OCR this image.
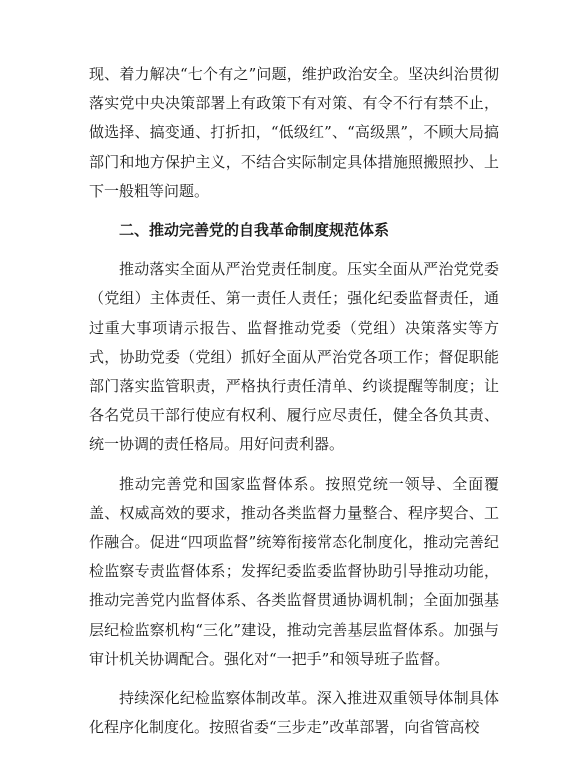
现、着力解决“七个有之”问题，维护政治安全。坚决纠治贯彻落实党中央决策部署上有政策下有对策、有令不行有禁不止，做选择、搞变通、打折扣，“低级红”、“高级黑”，不顾大局搞部门和地方保护主义，不结合实际制定具体措施照搬照抄、上下一般粗等问题。

二、推动完善党的自我革命制度规范体系

推动落实全面从严治党责任制度。压实全面从严治党党委（党组）主体责任、第一责任人责任；强化纪委监督责任，通过重大事项请示报告、监督推动党委（党组）决策落实等方式，协助党委（党组）抓好全面从严治党各项工作；督促职能部门落实监管职责，严格执行责任清单、约谈提醒等制度；让各名党员干部行使应有权利、履行应尽责任，健全各负其责、统一协调的责任格局。用好问责利器。

推动完善党和国家监督体系。按照党统一领导、全面覆盖、权威高效的要求，推动各类监督力量整合、程序契合、工作融合。促进“四项监督”统筹衔接常态化制度化，推动完善纪检监察专责监督体系；发挥纪委监委监督协助引导推动功能，推动完善党内监督体系、各类监督贯通协调机制；全面加强基层纪检监察机构“三化”建设，推动完善基层监督体系。加强与审计机关协调配合。强化对“一把手”和领导班子监督。

持续深化纪检监察体制改革。深入推进双重领导体制具体化程序化制度化。按照省委“三步走”改革部署，向省管高校
